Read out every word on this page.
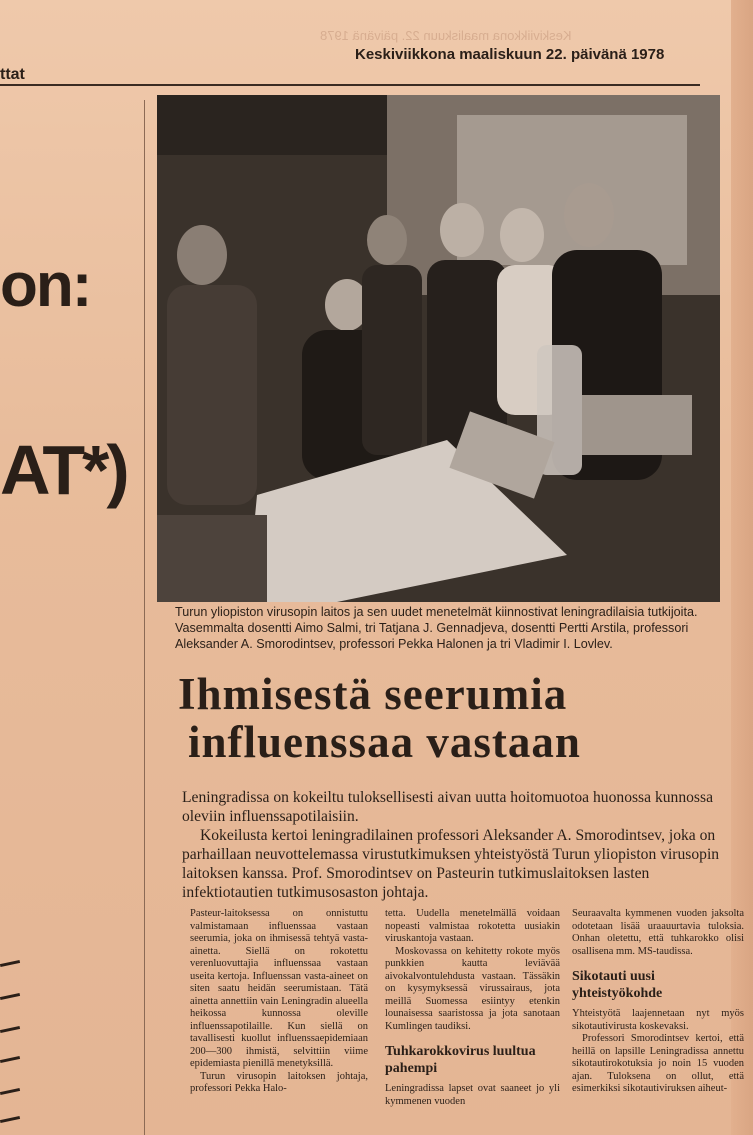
Keskiviikkona maaliskuun 22. päivänä 1978
ttat
Keskiviikkona maaliskuun 22. päivänä 1978
on:
AT*)
Turun yliopiston virusopin laitos ja sen uudet menetelmät kiinnostivat leningradilaisia tutkijoita. Vasemmalta dosentti Aimo Salmi, tri Tatjana J. Gennadjeva, dosentti Pertti Arstila, professori Aleksander A. Smorodintsev, professori Pekka Halonen ja tri Vladimir I. Lovlev.
Ihmisestä seerumia
influenssaa vastaan

Leningradissa on kokeiltu tuloksellisesti aivan uutta hoitomuotoa huonossa kunnossa oleviin influenssapotilaisiin.

Kokeilusta kertoi leningradilainen professori Aleksander A. Smorodintsev, joka on parhaillaan neuvottelemassa virustutkimuksen yhteistyöstä Turun yliopiston virusopin laitoksen kanssa. Prof. Smorodintsev on Pasteurin tutkimuslaitoksen lasten infektiotautien tutkimusosaston johtaja.

Pasteur-laitoksessa on onnistuttu valmistamaan influenssaa vastaan seerumia, joka on ihmisessä tehtyä vasta-ainetta. Siellä on rokotettu verenluovuttajia influenssaa vastaan useita kertoja. Influenssan vasta-aineet on siten saatu heidän seerumistaan. Tätä ainetta annettiin vain Leningradin alueella heikossa kunnossa oleville influenssapotilaille. Kun siellä on tavallisesti kuollut influenssaepidemiaan 200—300 ihmistä, selvittiin viime epidemiasta pienillä menetyksillä.

Turun virusopin laitoksen johtaja, professori Pekka Halo-

tetta. Uudella menetelmällä voidaan nopeasti valmistaa rokotetta uusiakin viruskantoja vastaan.

Moskovassa on kehitetty rokote myös punkkien kautta leviävää aivokalvontulehdusta vastaan. Tässäkin on kysymyksessä virussairaus, jota meillä Suomessa esiintyy etenkin lounaisessa saaristossa ja jota sanotaan Kumlingen taudiksi.

Tuhkarokkovirus luultua pahempi

Leningradissa lapset ovat saaneet jo yli kymmenen vuoden

Seuraavalta kymmenen vuoden jaksolta odotetaan lisää uraauurtavia tuloksia. Onhan oletettu, että tuhkarokko olisi osallisena mm. MS-taudissa.

Sikotauti uusi yhteistyökohde

Yhteistyötä laajennetaan nyt myös sikotautivirusta koskevaksi.

Professori Smorodintsev kertoi, että heillä on lapsille Leningradissa annettu sikotautirokotuksia jo noin 15 vuoden ajan. Tuloksena on ollut, että esimerkiksi sikotautiviruksen aiheut-
